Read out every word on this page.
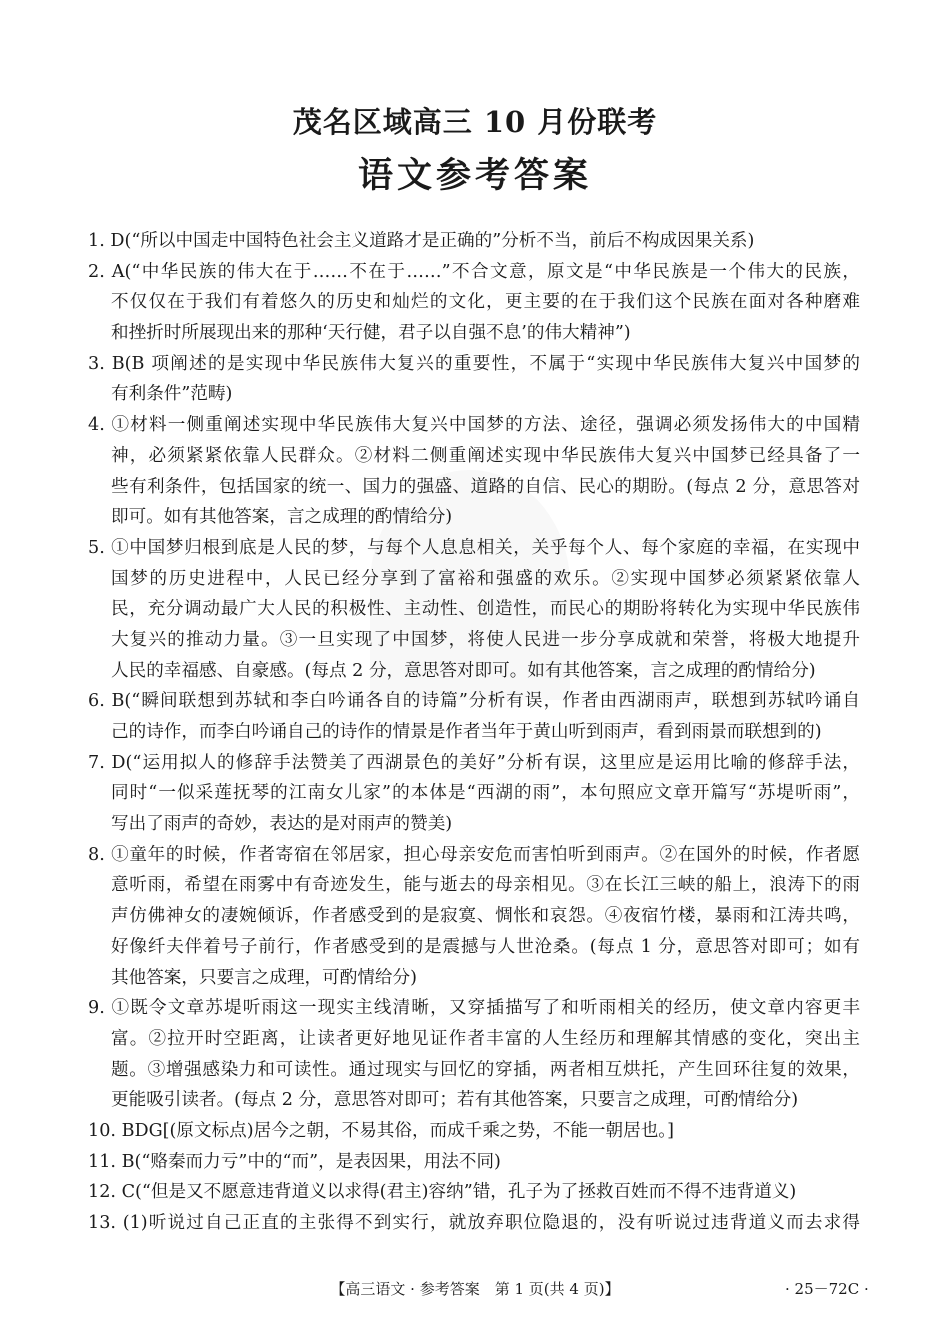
茂名区域高三 10 月份联考
语文参考答案
1. D(“所以中国走中国特色社会主义道路才是正确的”分析不当，前后不构成因果关系)
2. A(“中华民族的伟大在于……不在于……”不合文意，原文是“中华民族是一个伟大的民族，
不仅仅在于我们有着悠久的历史和灿烂的文化，更主要的在于我们这个民族在面对各种磨难
和挫折时所展现出来的那种‘天行健，君子以自强不息’的伟大精神”)
3. B(B 项阐述的是实现中华民族伟大复兴的重要性，不属于“实现中华民族伟大复兴中国梦的
有利条件”范畴)
4. ①材料一侧重阐述实现中华民族伟大复兴中国梦的方法、途径，强调必须发扬伟大的中国精
神，必须紧紧依靠人民群众。②材料二侧重阐述实现中华民族伟大复兴中国梦已经具备了一
些有利条件，包括国家的统一、国力的强盛、道路的自信、民心的期盼。(每点 2 分，意思答对
即可。如有其他答案，言之成理的酌情给分)
5. ①中国梦归根到底是人民的梦，与每个人息息相关，关乎每个人、每个家庭的幸福，在实现中
国梦的历史进程中，人民已经分享到了富裕和强盛的欢乐。②实现中国梦必须紧紧依靠人
民，充分调动最广大人民的积极性、主动性、创造性，而民心的期盼将转化为实现中华民族伟
大复兴的推动力量。③一旦实现了中国梦，将使人民进一步分享成就和荣誉，将极大地提升
人民的幸福感、自豪感。(每点 2 分，意思答对即可。如有其他答案，言之成理的酌情给分)
6. B(“瞬间联想到苏轼和李白吟诵各自的诗篇”分析有误，作者由西湖雨声，联想到苏轼吟诵自
己的诗作，而李白吟诵自己的诗作的情景是作者当年于黄山听到雨声，看到雨景而联想到的)
7. D(“运用拟人的修辞手法赞美了西湖景色的美好”分析有误，这里应是运用比喻的修辞手法，
同时“一似采莲抚琴的江南女儿家”的本体是“西湖的雨”，本句照应文章开篇写“苏堤听雨”，
写出了雨声的奇妙，表达的是对雨声的赞美)
8. ①童年的时候，作者寄宿在邻居家，担心母亲安危而害怕听到雨声。②在国外的时候，作者愿
意听雨，希望在雨雾中有奇迹发生，能与逝去的母亲相见。③在长江三峡的船上，浪涛下的雨
声仿佛神女的凄婉倾诉，作者感受到的是寂寞、惆怅和哀怨。④夜宿竹楼，暴雨和江涛共鸣，
好像纤夫伴着号子前行，作者感受到的是震撼与人世沧桑。(每点 1 分，意思答对即可；如有
其他答案，只要言之成理，可酌情给分)
9. ①既令文章苏堤听雨这一现实主线清晰，又穿插描写了和听雨相关的经历，使文章内容更丰
富。②拉开时空距离，让读者更好地见证作者丰富的人生经历和理解其情感的变化，突出主
题。③增强感染力和可读性。通过现实与回忆的穿插，两者相互烘托，产生回环往复的效果，
更能吸引读者。(每点 2 分，意思答对即可；若有其他答案，只要言之成理，可酌情给分)
10. BDG[(原文标点)居今之朝，不易其俗，而成千乘之势，不能一朝居也。]
11. B(“赂秦而力亏”中的“而”，是表因果，用法不同)
12. C(“但是又不愿意违背道义以求得(君主)容纳”错，孔子为了拯救百姓而不得不违背道义)
13. (1)听说过自己正直的主张得不到实行，就放弃职位隐退的，没有听说过违背道义而去求得
【高三语文 · 参考答案　第 1 页(共 4 页)】	· 25－72C ·
